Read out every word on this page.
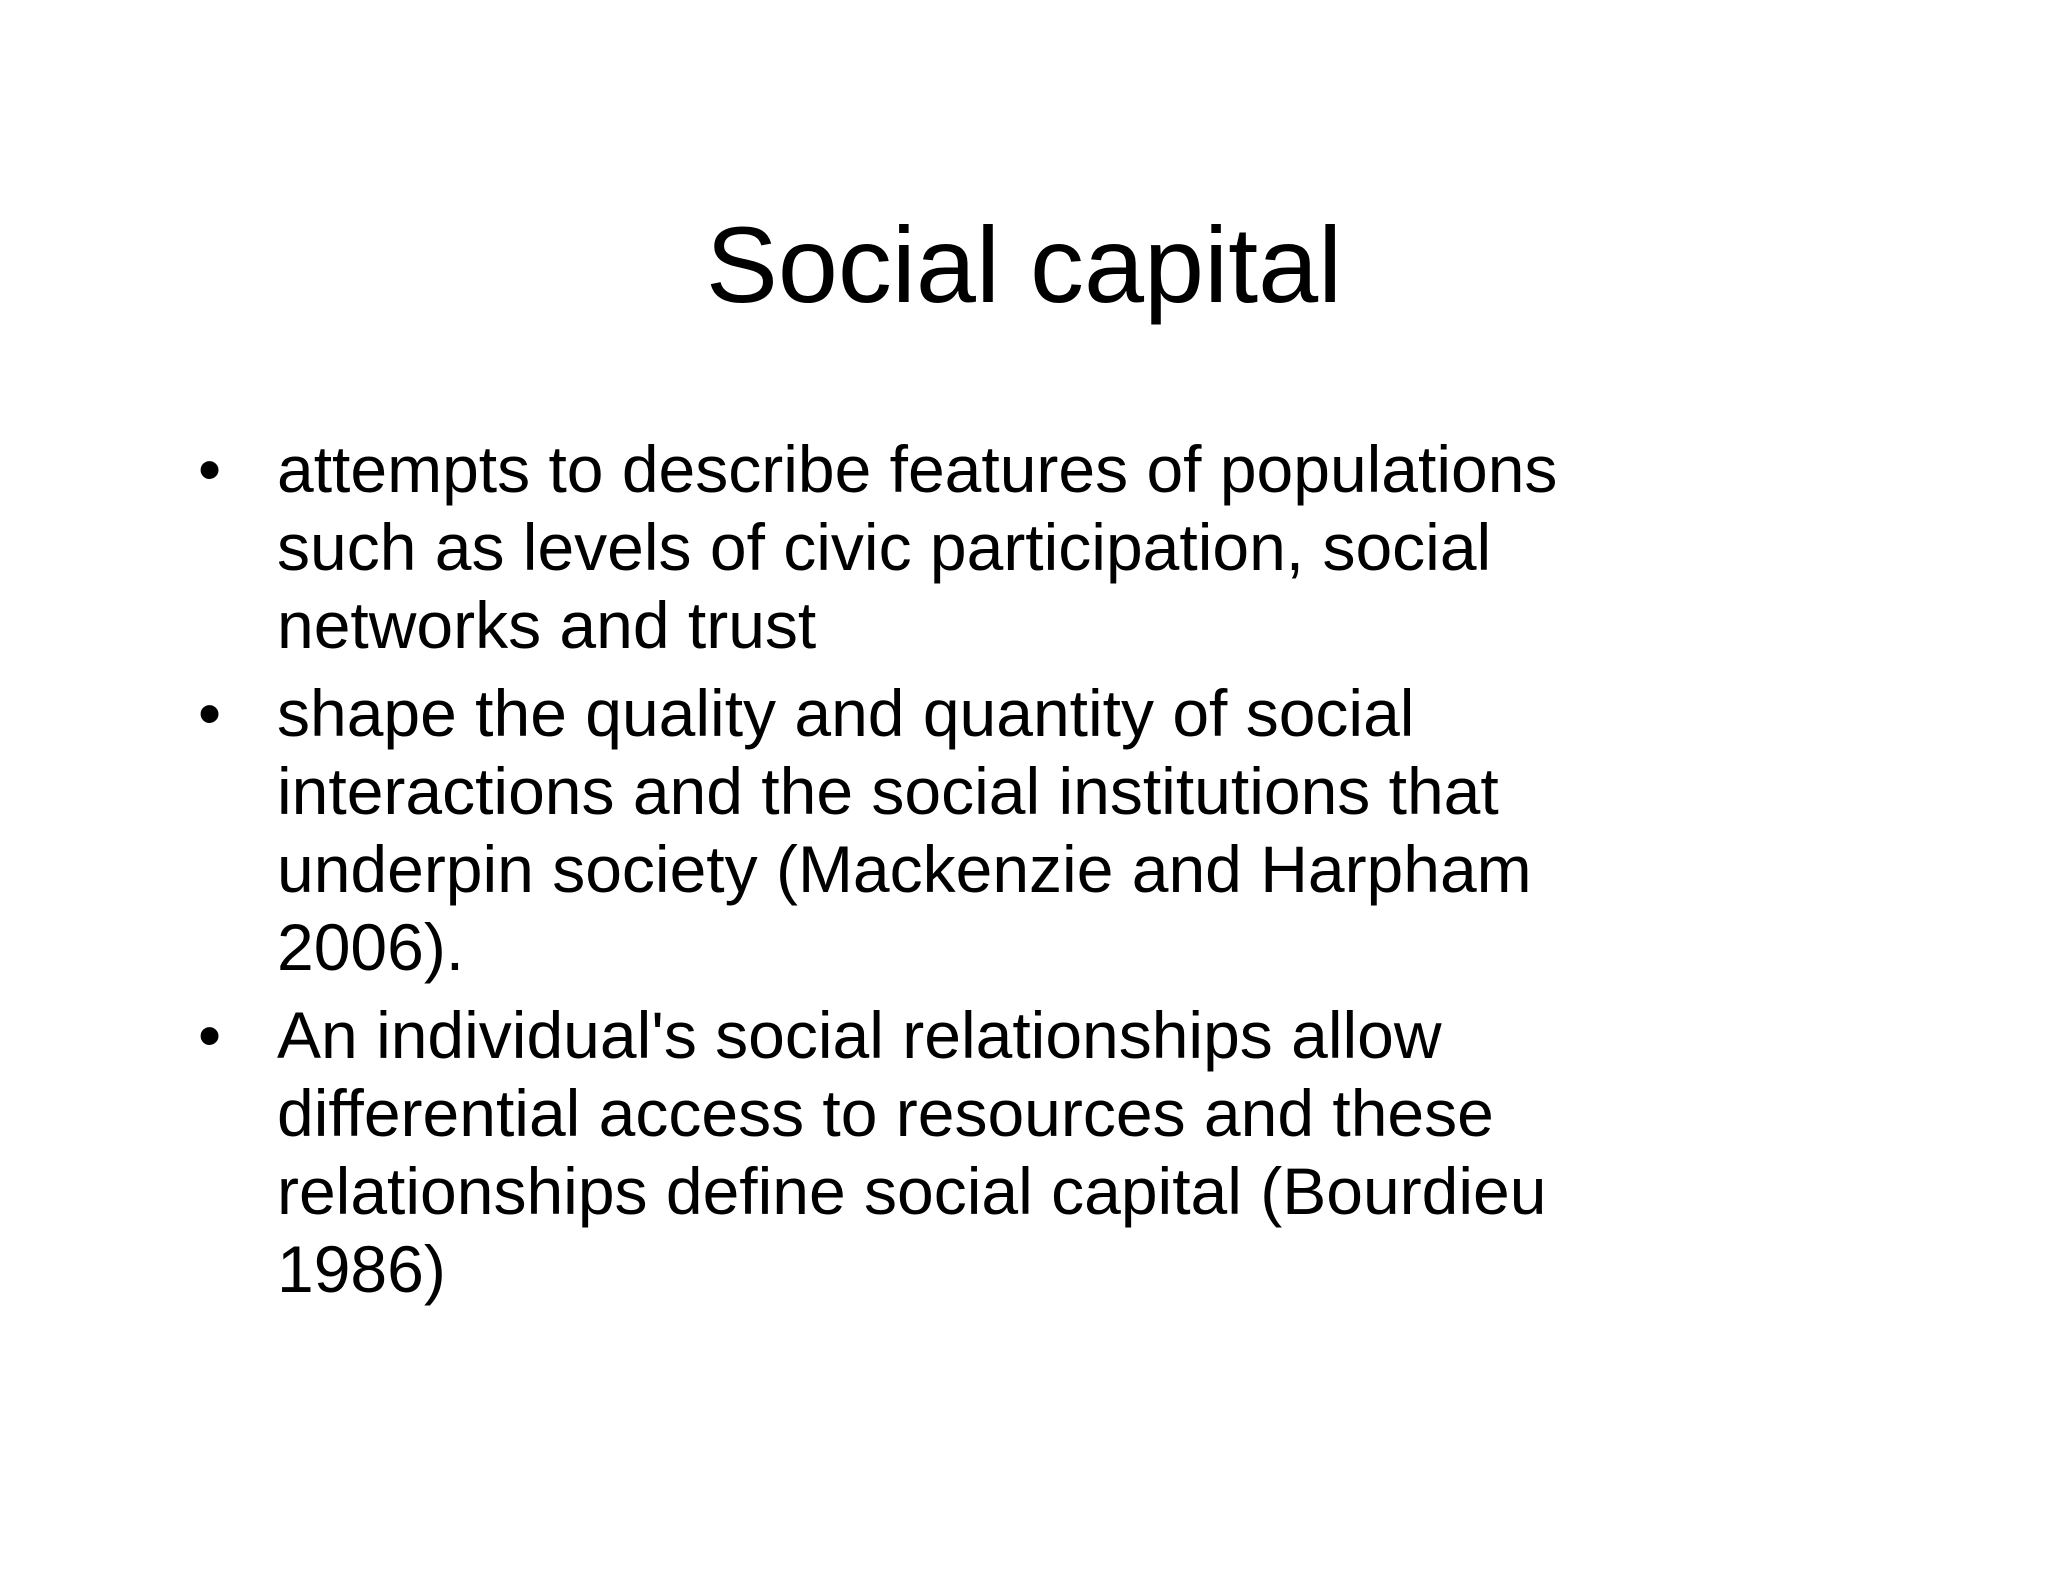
Social capital
• attempts to describe features of populations
such as levels of civic participation, social
networks and trust
• shape the quality and quantity of social
interactions and the social institutions that
underpin society (Mackenzie and Harpham
2006).
• An individual's social relationships allow
differential access to resources and these
relationships define social capital (Bourdieu
1986)
